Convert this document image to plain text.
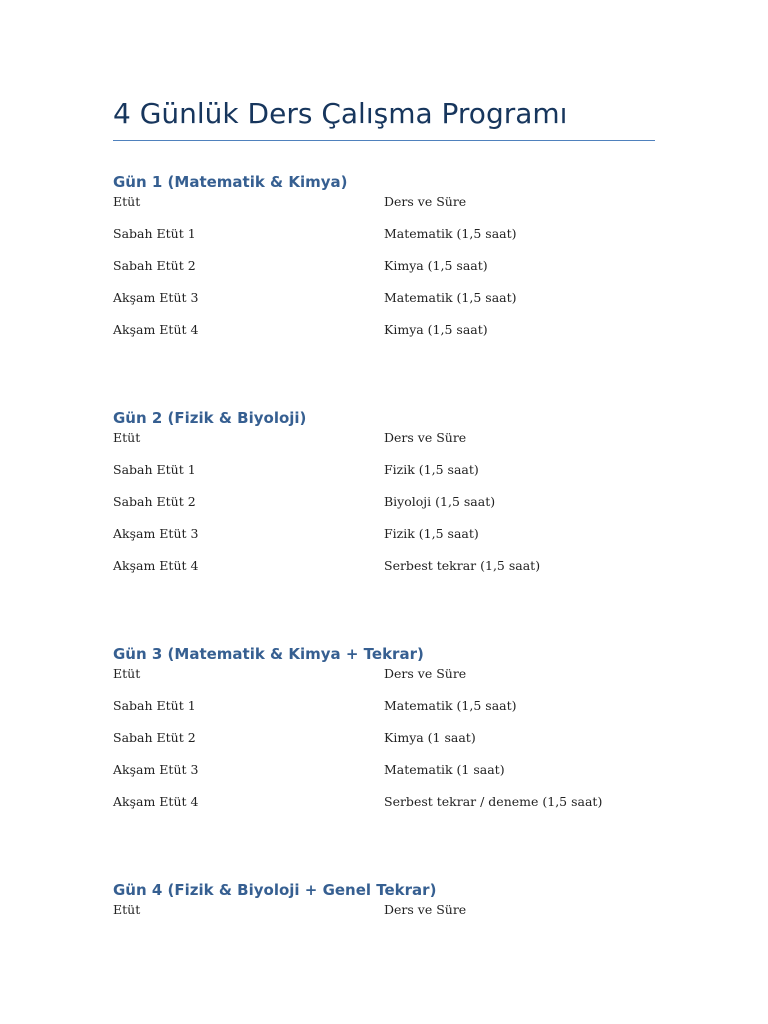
4 Günlük Ders Çalışma Programı
Gün 1 (Matematik & Kimya)
Etüt	Ders ve Süre
Sabah Etüt 1	Matematik (1,5 saat)
Sabah Etüt 2	Kimya (1,5 saat)
Akşam Etüt 3	Matematik (1,5 saat)
Akşam Etüt 4	Kimya (1,5 saat)
Gün 2 (Fizik & Biyoloji)
Etüt	Ders ve Süre
Sabah Etüt 1	Fizik (1,5 saat)
Sabah Etüt 2	Biyoloji (1,5 saat)
Akşam Etüt 3	Fizik (1,5 saat)
Akşam Etüt 4	Serbest tekrar (1,5 saat)
Gün 3 (Matematik & Kimya + Tekrar)
Etüt	Ders ve Süre
Sabah Etüt 1	Matematik (1,5 saat)
Sabah Etüt 2	Kimya (1 saat)
Akşam Etüt 3	Matematik (1 saat)
Akşam Etüt 4	Serbest tekrar / deneme (1,5 saat)
Gün 4 (Fizik & Biyoloji + Genel Tekrar)
Etüt	Ders ve Süre
